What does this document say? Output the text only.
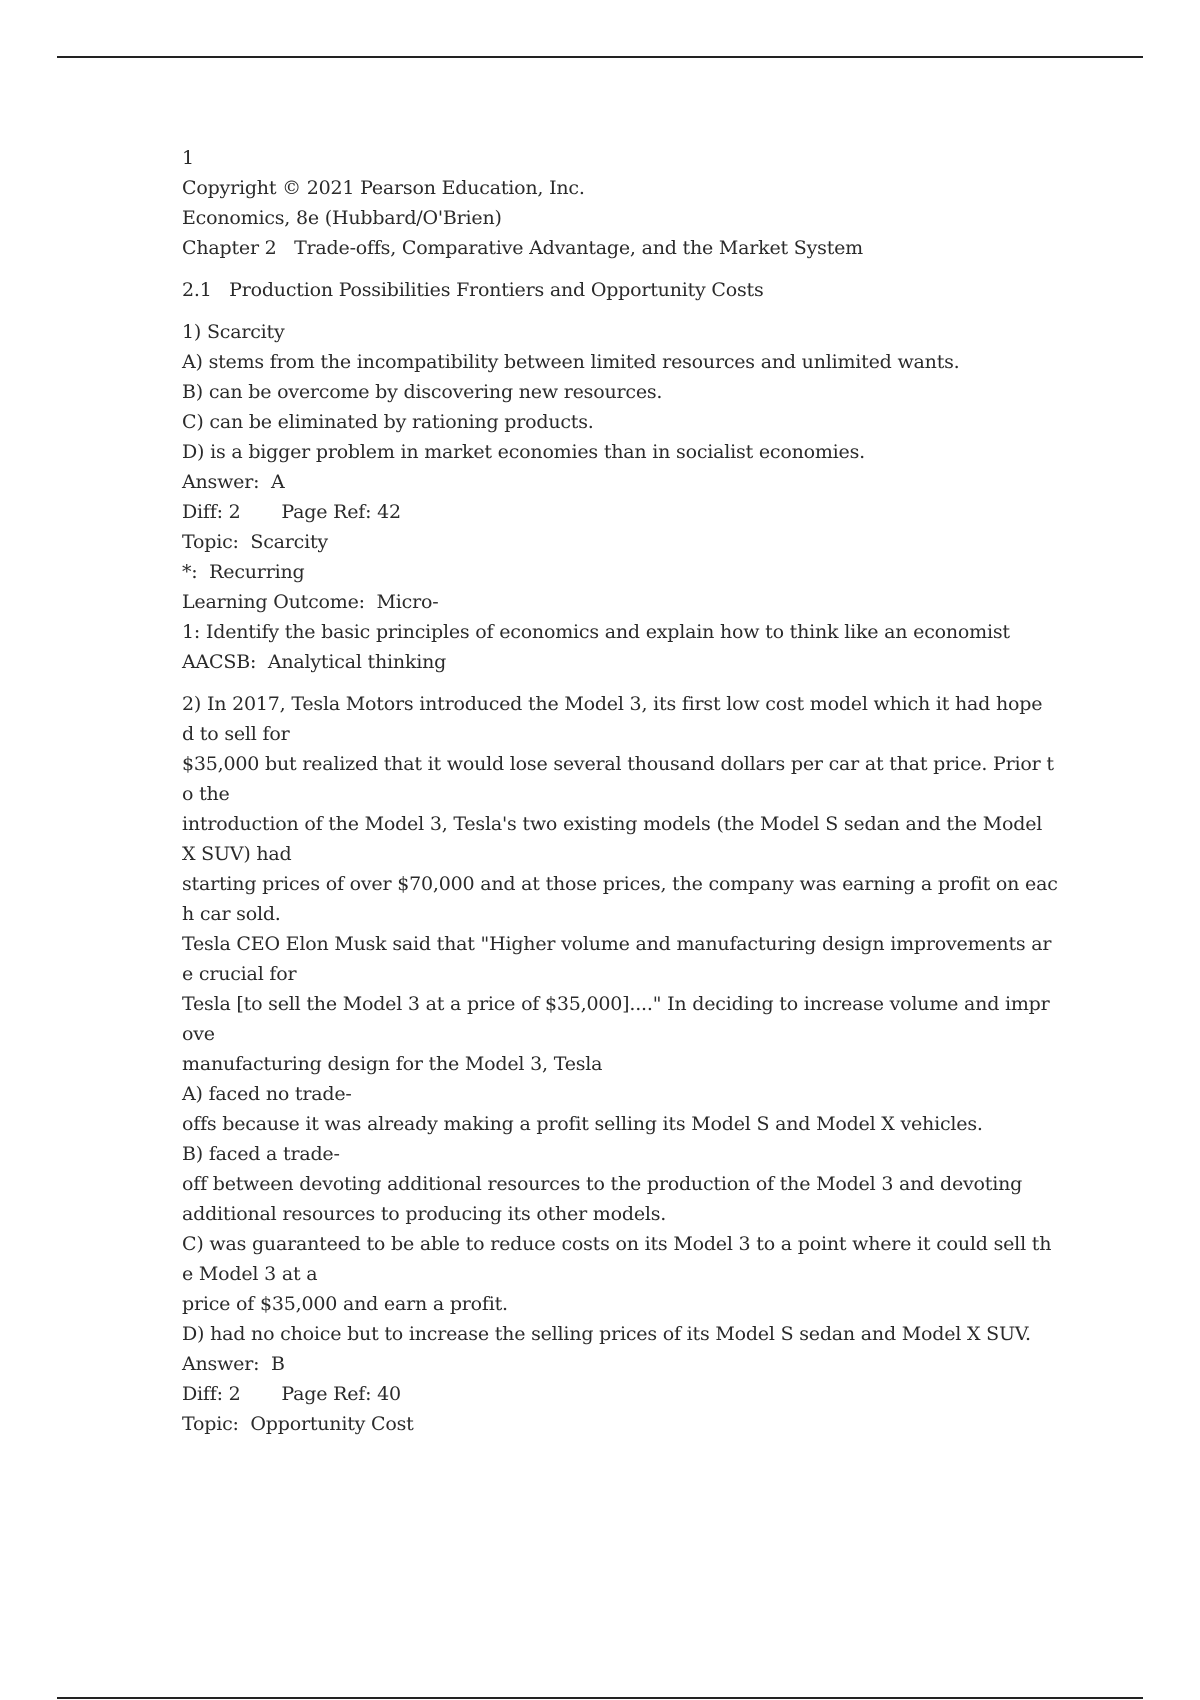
1
Copyright © 2021 Pearson Education, Inc.
Economics, 8e (Hubbard/O'Brien)
Chapter 2   Trade-offs, Comparative Advantage, and the Market System
2.1   Production Possibilities Frontiers and Opportunity Costs
1) Scarcity
A) stems from the incompatibility between limited resources and unlimited wants.
B) can be overcome by discovering new resources.
C) can be eliminated by rationing products.
D) is a bigger problem in market economies than in socialist economies.
Answer:  A
Diff: 2       Page Ref: 42
Topic:  Scarcity
*:  Recurring
Learning Outcome:  Micro-
1: Identify the basic principles of economics and explain how to think like an economist
AACSB:  Analytical thinking
2) In 2017, Tesla Motors introduced the Model 3, its first low cost model which it had hope
d to sell for
$35,000 but realized that it would lose several thousand dollars per car at that price. Prior t
o the
introduction of the Model 3, Tesla's two existing models (the Model S sedan and the Model
X SUV) had
starting prices of over $70,000 and at those prices, the company was earning a profit on eac
h car sold.
Tesla CEO Elon Musk said that "Higher volume and manufacturing design improvements ar
e crucial for
Tesla [to sell the Model 3 at a price of $35,000]...." In deciding to increase volume and impr
ove
manufacturing design for the Model 3, Tesla
A) faced no trade-
offs because it was already making a profit selling its Model S and Model X vehicles.
B) faced a trade-
off between devoting additional resources to the production of the Model 3 and devoting
additional resources to producing its other models.
C) was guaranteed to be able to reduce costs on its Model 3 to a point where it could sell th
e Model 3 at a
price of $35,000 and earn a profit.
D) had no choice but to increase the selling prices of its Model S sedan and Model X SUV.
Answer:  B
Diff: 2       Page Ref: 40
Topic:  Opportunity Cost
